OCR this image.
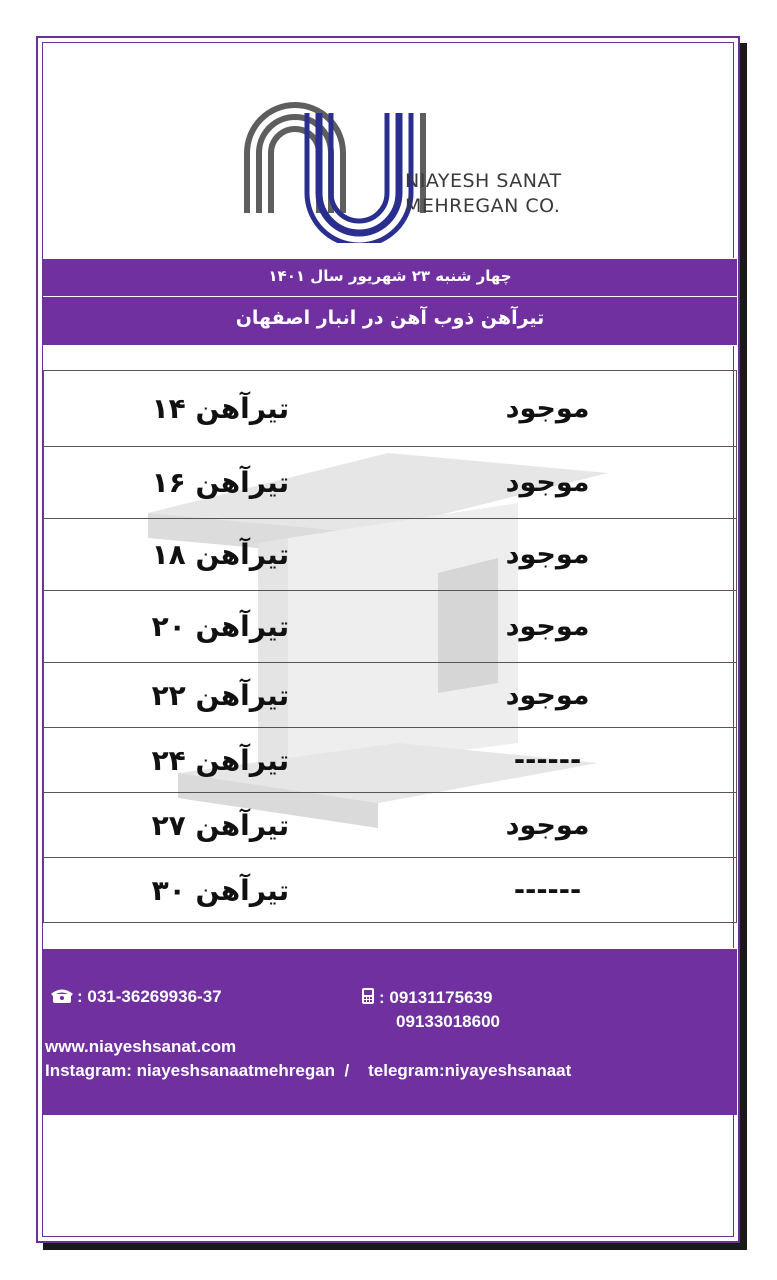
NIAYESH SANAT
MEHREGAN CO.
چهار شنبه ۲۳ شهریور سال ۱۴۰۱
تیرآهن ذوب آهن در انبار اصفهان
تیرآهن ۱۴	موجود
تیرآهن ۱۶	موجود
تیرآهن ۱۸	موجود
تیرآهن ۲۰	موجود
تیرآهن ۲۲	موجود
تیرآهن ۲۴	------
تیرآهن ۲۷	موجود
تیرآهن ۳۰	------
: 031-36269936-37	: 09131175639
09133018600
www.niayeshsanat.com
Instagram: niayeshsanaatmehregan  /    telegram:niyayeshsanaat
